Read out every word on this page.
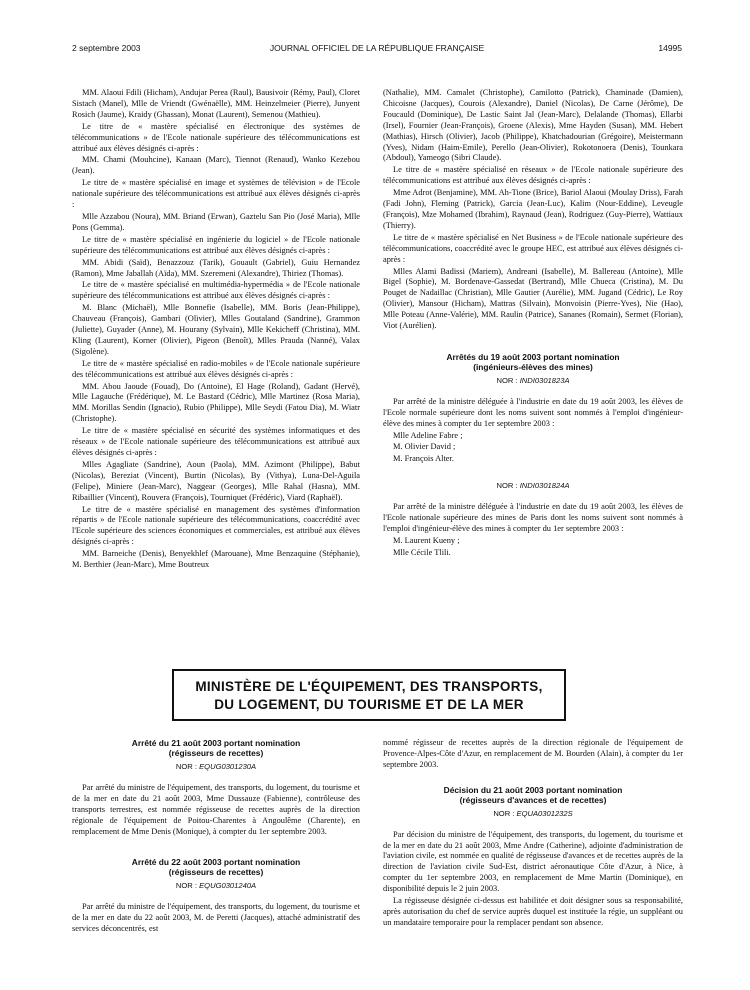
2 septembre 2003	JOURNAL OFFICIEL DE LA RÉPUBLIQUE FRANÇAISE	14995

MM. Alaoui Fdili (Hicham), Andujar Perea (Raul), Bausivoir (Rémy, Paul), Cloret Sistach (Manel), Mlle de Vriendt (Gwénaëlle), MM. Heinzelmeier (Pierre), Junyent Rosich (Jaume), Kraidy (Ghassan), Monat (Laurent), Semenou (Mathieu).

Le titre de « mastère spécialisé en électronique des systèmes de télécommunications » de l'Ecole nationale supérieure des télécommunications est attribué aux élèves désignés ci-après :

MM. Chami (Mouhcine), Kanaan (Marc), Tiennot (Renaud), Wanko Kezebou (Jean).

Le titre de « mastère spécialisé en image et systèmes de télévision » de l'Ecole nationale supérieure des télécommunications est attribué aux élèves désignés ci-après :

Mlle Azzabou (Noura), MM. Briand (Erwan), Gaztelu San Pio (José Maria), Mlle Pons (Gemma).

Le titre de « mastère spécialisé en ingénierie du logiciel » de l'Ecole nationale supérieure des télécommunications est attribué aux élèves désignés ci-après :

MM. Abidi (Saïd), Benazzouz (Tarik), Gouault (Gabriel), Guiu Hernandez (Ramon), Mme Jaballah (Aïda), MM. Szeremeni (Alexandre), Thiriez (Thomas).

Le titre de « mastère spécialisé en multimédia-hypermédia » de l'Ecole nationale supérieure des télécommunications est attribué aux élèves désignés ci-après :

M. Blanc (Michaël), Mlle Bonnefie (Isabelle), MM. Boris (Jean-Philippe), Chauveau (François), Gambari (Olivier), Mlles Goutaland (Sandrine), Grammon (Juliette), Guyader (Anne), M. Hourany (Sylvain), Mlle Kekicheff (Christina), MM. Kling (Laurent), Korner (Olivier), Pigeon (Benoît), Mlles Prauda (Nanné), Valax (Sigolène).

Le titre de « mastère spécialisé en radio-mobiles » de l'Ecole nationale supérieure des télécommunications est attribué aux élèves désignés ci-après :

MM. Abou Jaoude (Fouad), Do (Antoine), El Hage (Roland), Gadant (Hervé), Mlle Lagauche (Frédérique), M. Le Bastard (Cédric), Mlle Martinez (Rosa Maria), MM. Morillas Sendin (Ignacio), Rubio (Philippe), Mlle Seydi (Fatou Dia), M. Wiatr (Christophe).

Le titre de « mastère spécialisé en sécurité des systèmes informatiques et des réseaux » de l'Ecole nationale supérieure des télécommunications est attribué aux élèves désignés ci-après :

Mlles Agagliate (Sandrine), Aoun (Paola), MM. Azimont (Philippe), Babut (Nicolas), Bereziat (Vincent), Burtin (Nicolas), By (Vithya), Luna-Del-Aguila (Felipe), Miniere (Jean-Marc), Naggear (Georges), Mlle Rahal (Hasna), MM. Ribaillier (Vincent), Rouvera (François), Tourniquet (Frédéric), Viard (Raphaël).

Le titre de « mastère spécialisé en management des systèmes d'information répartis » de l'Ecole nationale supérieure des télécommunications, coaccrédité avec l'Ecole supérieure des sciences économiques et commerciales, est attribué aux élèves désignés ci-après :

MM. Barneiche (Denis), Benyekhlef (Marouane), Mme Benzaquine (Stéphanie), M. Berthier (Jean-Marc), Mme Boutreux

(Nathalie), MM. Camalet (Christophe), Camilotto (Patrick), Chaminade (Damien), Chicoisne (Jacques), Courois (Alexandre), Daniel (Nicolas), De Carne (Jérôme), De Foucauld (Dominique), De Lastic Saint Jal (Jean-Marc), Delalande (Thomas), Ellarbi (Irsel), Fournier (Jean-François), Groene (Alexis), Mme Hayden (Susan), MM. Hebert (Mathias), Hirsch (Olivier), Jacob (Philippe), Khatchadourian (Grégoire), Meistermann (Yves), Nidam (Haim-Emile), Perello (Jean-Olivier), Rokotonoera (Denis), Tounkara (Abdoul), Yameogo (Sibri Claude).

Le titre de « mastère spécialisé en réseaux » de l'Ecole nationale supérieure des télécommunications est attribué aux élèves désignés ci-après :

Mme Adrot (Benjamine), MM. Ah-Tione (Brice), Bariol Alaoui (Moulay Driss), Farah (Fadi John), Fleming (Patrick), Garcia (Jean-Luc), Kalim (Nour-Eddine), Leveugle (François), Mze Mohamed (Ibrahim), Raynaud (Jean), Rodriguez (Guy-Pierre), Wattiaux (Thierry).

Le titre de « mastère spécialisé en Net Business » de l'Ecole nationale supérieure des télécommunications, coaccrédité avec le groupe HEC, est attribué aux élèves désignés ci-après :

Mlles Alami Badissi (Mariem), Andreani (Isabelle), M. Ballereau (Antoine), Mlle Bigel (Sophie), M. Bordenave-Gassedat (Bertrand), Mlle Chueca (Cristina), M. Du Pouget de Nadaillac (Christian), Mlle Gautier (Aurélie), MM. Jugand (Cédric), Le Roy (Olivier), Mansour (Hicham), Mattras (Silvain), Monvoisin (Pierre-Yves), Nie (Hao), Mlle Poteau (Anne-Valérie), MM. Raulin (Patrice), Sananes (Romain), Sermet (Florian), Viot (Aurélien).

Arrêtés du 19 août 2003 portant nomination
(ingénieurs-élèves des mines)

NOR : INDI0301823A

Par arrêté de la ministre déléguée à l'industrie en date du 19 août 2003, les élèves de l'Ecole normale supérieure dont les noms suivent sont nommés à l'emploi d'ingénieur-élève des mines à compter du 1er septembre 2003 :

Mlle Adeline Fabre ;

M. Olivier David ;

M. François Alter.

NOR : INDI0301824A

Par arrêté de la ministre déléguée à l'industrie en date du 19 août 2003, les élèves de l'Ecole nationale supérieure des mines de Paris dont les noms suivent sont nommés à l'emploi d'ingénieur-élève des mines à compter du 1er septembre 2003 :

M. Laurent Kueny ;

Mlle Cécile Tlili.

MINISTÈRE DE L'ÉQUIPEMENT, DES TRANSPORTS,
DU LOGEMENT, DU TOURISME ET DE LA MER
Arrêté du 21 août 2003 portant nomination
(régisseurs de recettes)

NOR : EQUG0301230A

Par arrêté du ministre de l'équipement, des transports, du logement, du tourisme et de la mer en date du 21 août 2003, Mme Dussauze (Fabienne), contrôleuse des transports terrestres, est nommée régisseuse de recettes auprès de la direction régionale de l'équipement de Poitou-Charentes à Angoulême (Charente), en remplacement de Mme Denis (Monique), à compter du 1er septembre 2003.

Arrêté du 22 août 2003 portant nomination
(régisseurs de recettes)

NOR : EQUG0301240A

Par arrêté du ministre de l'équipement, des transports, du logement, du tourisme et de la mer en date du 22 août 2003, M. de Peretti (Jacques), attaché administratif des services déconcentrés, est

nommé régisseur de recettes auprès de la direction régionale de l'équipement de Provence-Alpes-Côte d'Azur, en remplacement de M. Bourden (Alain), à compter du 1er septembre 2003.

Décision du 21 août 2003 portant nomination
(régisseurs d'avances et de recettes)

NOR : EQUA0301232S

Par décision du ministre de l'équipement, des transports, du logement, du tourisme et de la mer en date du 21 août 2003, Mme Andre (Catherine), adjointe d'administration de l'aviation civile, est nommée en qualité de régisseuse d'avances et de recettes auprès de la direction de l'aviation civile Sud-Est, district aéronautique Côte d'Azur, à Nice, à compter du 1er septembre 2003, en remplacement de Mme Martin (Dominique), en disponibilité depuis le 2 juin 2003.

La régisseuse désignée ci-dessus est habilitée et doit désigner sous sa responsabilité, après autorisation du chef de service auprès duquel est instituée la régie, un suppléant ou un mandataire temporaire pour la remplacer pendant son absence.
